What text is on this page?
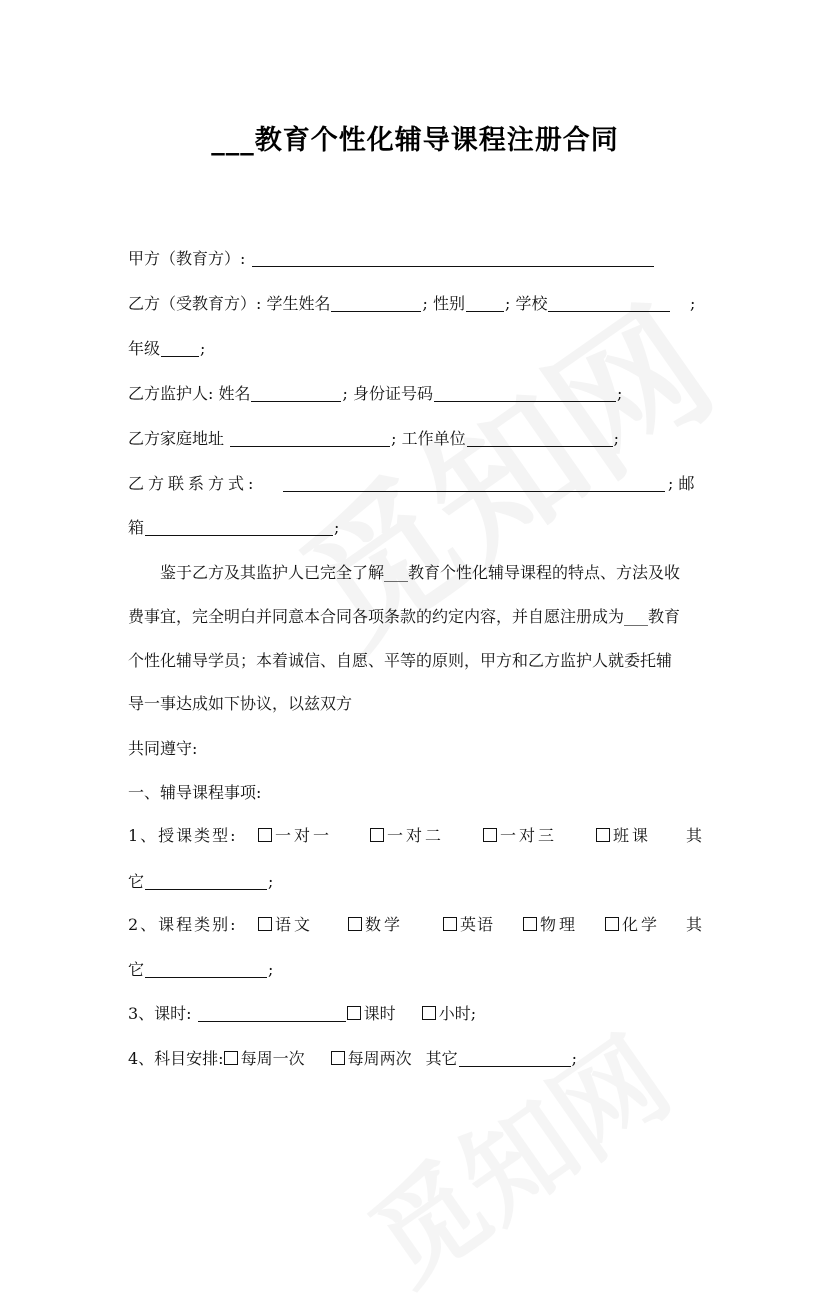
___教育个性化辅导课程注册合同
甲方（教育方）:
乙方（受教育方）: 学生姓名	; 性别	; 学校	;
年级	;
乙方监护人: 姓名	; 身份证号码	;
乙方家庭地址	; 工作单位	;
乙方联系方式:	; 邮
箱	;
鉴于乙方及其监护人已完全了解___教育个性化辅导课程的特点、方法及收
费事宜，完全明白并同意本合同各项条款的约定内容，并自愿注册成为___教育
个性化辅导学员；本着诚信、自愿、平等的原则，甲方和乙方监护人就委托辅
导一事达成如下协议，以兹双方
共同遵守:
一、辅导课程事项:
1、授课类型:	一对一	一对二	一对三	班课 其
它	;
2、课程类别:	语文	数学	英语	物理	化学 其
它	;
3、课时:	课时	小时;
4、科目安排: 每周一次	每周两次 其它	;
